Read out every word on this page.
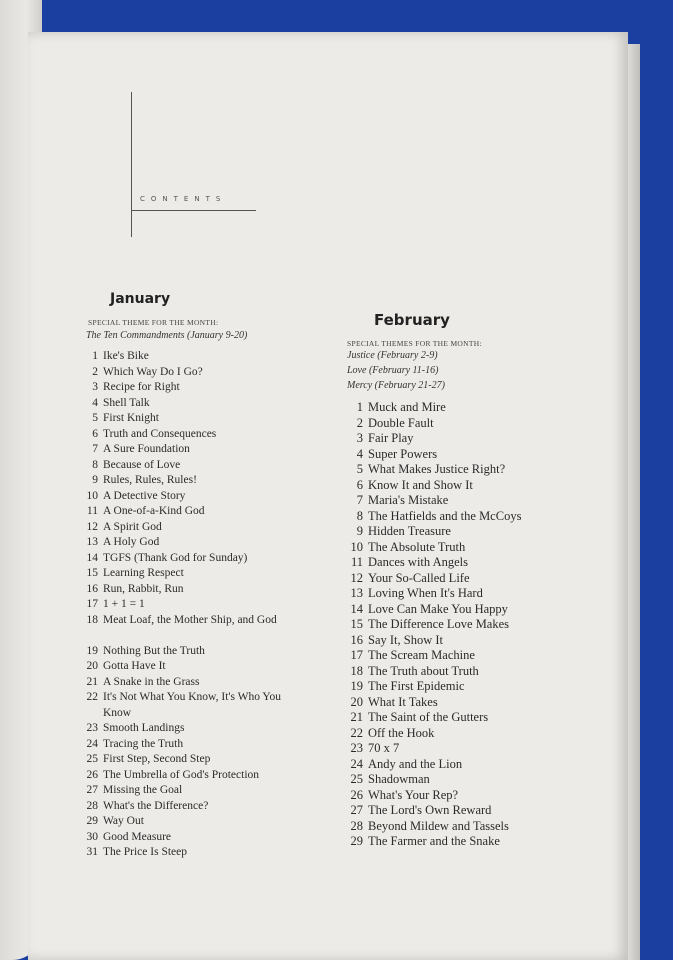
CONTENTS
January
SPECIAL THEME FOR THE MONTH:
The Ten Commandments (January 9-20)
1 Ike's Bike
2 Which Way Do I Go?
3 Recipe for Right
4 Shell Talk
5 First Knight
6 Truth and Consequences
7 A Sure Foundation
8 Because of Love
9 Rules, Rules, Rules!
10 A Detective Story
11 A One-of-a-Kind God
12 A Spirit God
13 A Holy God
14 TGFS (Thank God for Sunday)
15 Learning Respect
16 Run, Rabbit, Run
17 1 + 1 = 1
18 Meat Loaf, the Mother Ship, and God
19 Nothing But the Truth
20 Gotta Have It
21 A Snake in the Grass
22 It's Not What You Know, It's Who You Know
23 Smooth Landings
24 Tracing the Truth
25 First Step, Second Step
26 The Umbrella of God's Protection
27 Missing the Goal
28 What's the Difference?
29 Way Out
30 Good Measure
31 The Price Is Steep
February
SPECIAL THEMES FOR THE MONTH:
Justice (February 2-9)
Love (February 11-16)
Mercy (February 21-27)
1 Muck and Mire
2 Double Fault
3 Fair Play
4 Super Powers
5 What Makes Justice Right?
6 Know It and Show It
7 Maria's Mistake
8 The Hatfields and the McCoys
9 Hidden Treasure
10 The Absolute Truth
11 Dances with Angels
12 Your So-Called Life
13 Loving When It's Hard
14 Love Can Make You Happy
15 The Difference Love Makes
16 Say It, Show It
17 The Scream Machine
18 The Truth about Truth
19 The First Epidemic
20 What It Takes
21 The Saint of the Gutters
22 Off the Hook
23 70 x 7
24 Andy and the Lion
25 Shadowman
26 What's Your Rep?
27 The Lord's Own Reward
28 Beyond Mildew and Tassels
29 The Farmer and the Snake
